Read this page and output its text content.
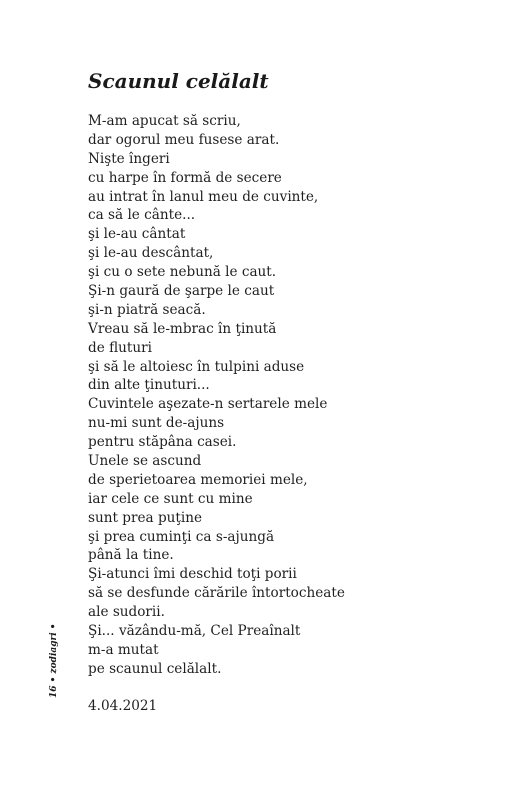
Scaunul celălalt
M-am apucat să scriu,
dar ogorul meu fusese arat.
Nişte îngeri
cu harpe în formă de secere
au intrat în lanul meu de cuvinte,
ca să le cânte...
şi le-au cântat
şi le-au descântat,
şi cu o sete nebună le caut.
Şi-n gaură de şarpe le caut
şi-n piatră seacă.
Vreau să le-mbrac în ţinută
de fluturi
şi să le altoiesc în tulpini aduse
din alte ţinuturi...
Cuvintele aşezate-n sertarele mele
nu-mi sunt de-ajuns
pentru stăpâna casei.
Unele se ascund
de sperietoarea memoriei mele,
iar cele ce sunt cu mine
sunt prea puţine
şi prea cuminţi ca s-ajungă
până la tine.
Şi-atunci îmi deschid toţi porii
să se desfunde cărările întortocheate
ale sudorii.
Şi... văzându-mă, Cel Preaînalt
m-a mutat
pe scaunul celălalt.
4.04.2021
16 • zodiagri •
